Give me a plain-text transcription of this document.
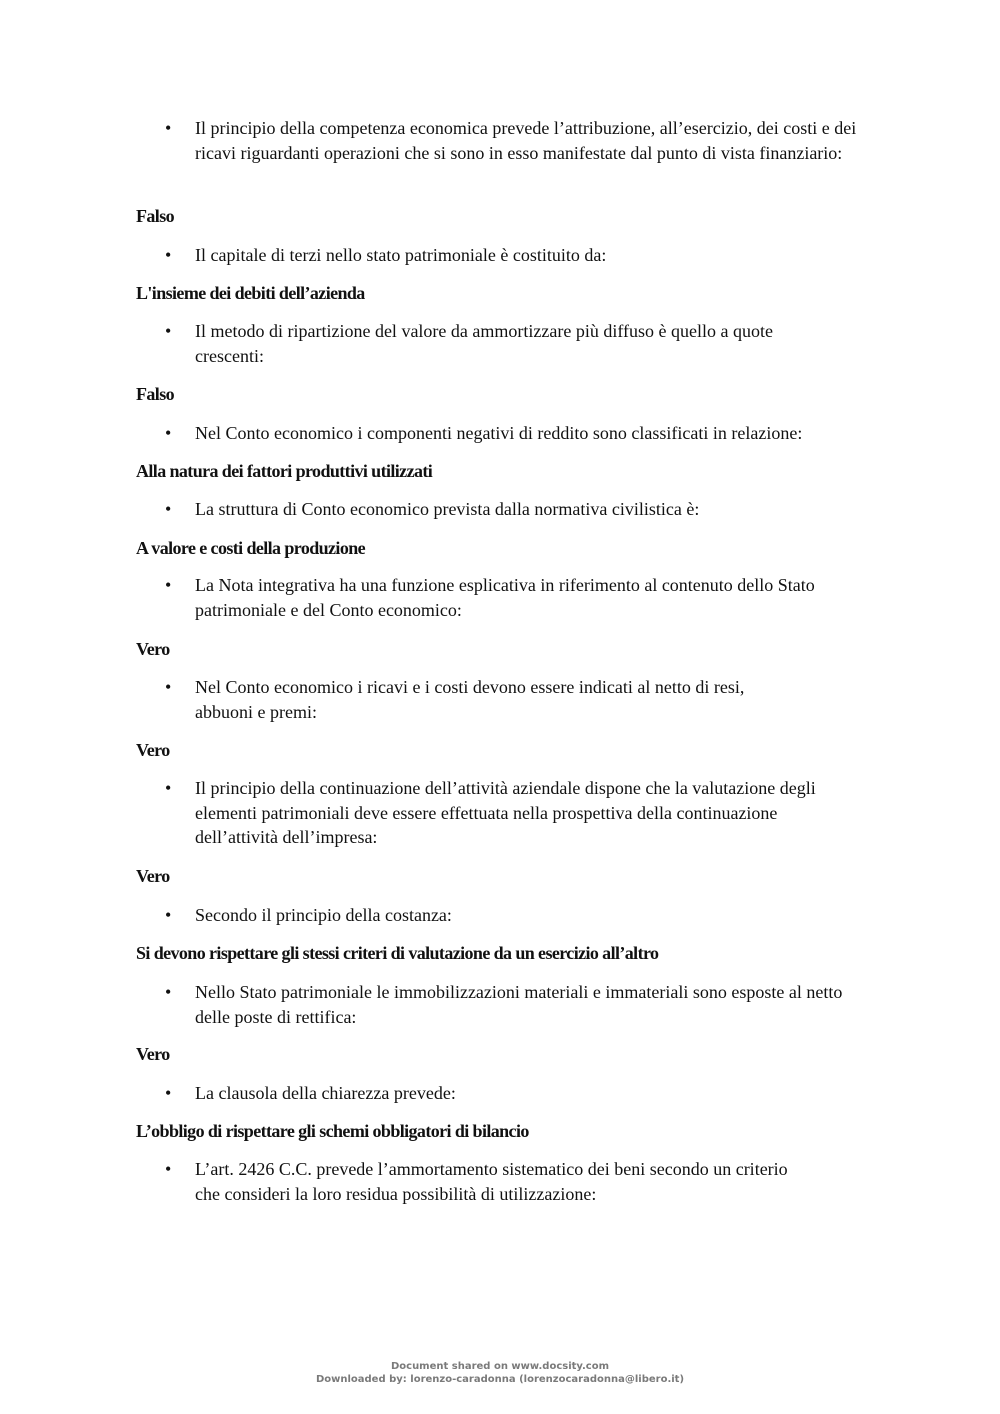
• Il principio della competenza economica prevede l’attribuzione, all’esercizio, dei costi e dei ricavi riguardanti operazioni che si sono in esso manifestate dal punto di vista finanziario:
Falso
• Il capitale di terzi nello stato patrimoniale è costituito da:
L'insieme dei debiti dell’azienda
• Il metodo di ripartizione del valore da ammortizzare più diffuso è quello a quote crescenti:
Falso
• Nel Conto economico i componenti negativi di reddito sono classificati in relazione:
Alla natura dei fattori produttivi utilizzati
• La struttura di Conto economico prevista dalla normativa civilistica è:
A valore e costi della produzione
• La Nota integrativa ha una funzione esplicativa in riferimento al contenuto dello Stato patrimoniale e del Conto economico:
Vero
• Nel Conto economico i ricavi e i costi devono essere indicati al netto di resi, abbuoni e premi:
Vero
• Il principio della continuazione dell’attività aziendale dispone che la valutazione degli elementi patrimoniali deve essere effettuata nella prospettiva della continuazione dell’attività dell’impresa:
Vero
• Secondo il principio della costanza:
Si devono rispettare gli stessi criteri di valutazione da un esercizio all’altro
• Nello Stato patrimoniale le immobilizzazioni materiali e immateriali sono esposte al netto delle poste di rettifica:
Vero
• La clausola della chiarezza prevede:
L’obbligo di rispettare gli schemi obbligatori di bilancio
• L’art. 2426 C.C. prevede l’ammortamento sistematico dei beni secondo un criterio che consideri la loro residua possibilità di utilizzazione:
Document shared on www.docsity.com
Downloaded by: lorenzo-caradonna (lorenzocaradonna@libero.it)
